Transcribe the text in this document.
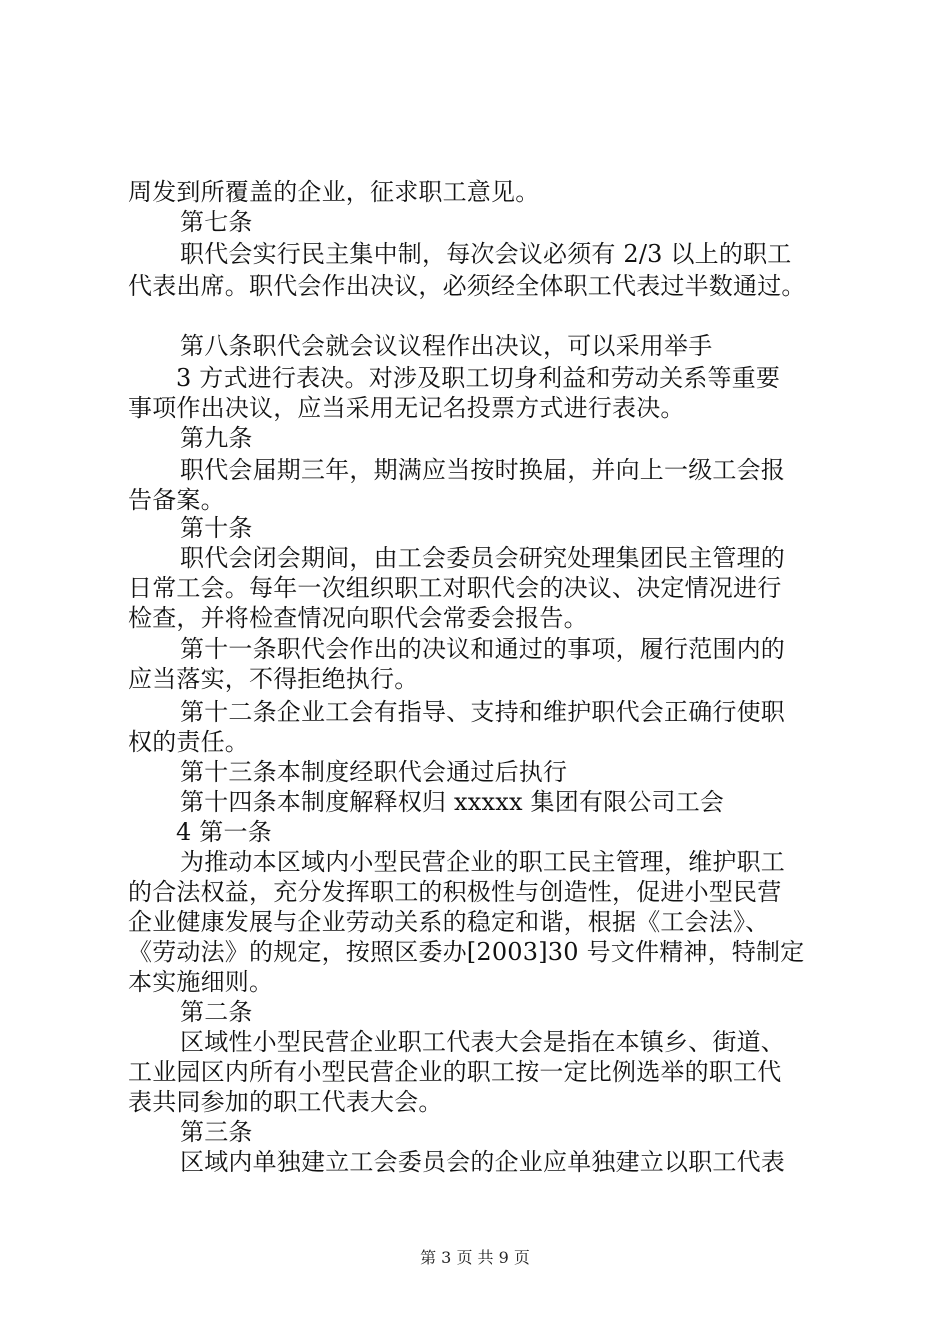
周发到所覆盖的企业，征求职工意见。
第七条
职代会实行民主集中制，每次会议必须有 2/3 以上的职工
代表出席。职代会作出决议，必须经全体职工代表过半数通过。
第八条职代会就会议议程作出决议，可以采用举手
3 方式进行表决。对涉及职工切身利益和劳动关系等重要
事项作出决议，应当采用无记名投票方式进行表决。
第九条
职代会届期三年，期满应当按时换届，并向上一级工会报
告备案。
第十条
职代会闭会期间，由工会委员会研究处理集团民主管理的
日常工会。每年一次组织职工对职代会的决议、决定情况进行
检查，并将检查情况向职代会常委会报告。
第十一条职代会作出的决议和通过的事项，履行范围内的
应当落实，不得拒绝执行。
第十二条企业工会有指导、支持和维护职代会正确行使职
权的责任。
第十三条本制度经职代会通过后执行
第十四条本制度解释权归 xxxxx 集团有限公司工会
4 第一条
为推动本区域内小型民营企业的职工民主管理，维护职工
的合法权益，充分发挥职工的积极性与创造性，促进小型民营
企业健康发展与企业劳动关系的稳定和谐，根据《工会法》、
《劳动法》的规定，按照区委办[2003]30 号文件精神，特制定
本实施细则。
第二条
区域性小型民营企业职工代表大会是指在本镇乡、街道、
工业园区内所有小型民营企业的职工按一定比例选举的职工代
表共同参加的职工代表大会。
第三条
区域内单独建立工会委员会的企业应单独建立以职工代表
第 3 页 共 9 页
